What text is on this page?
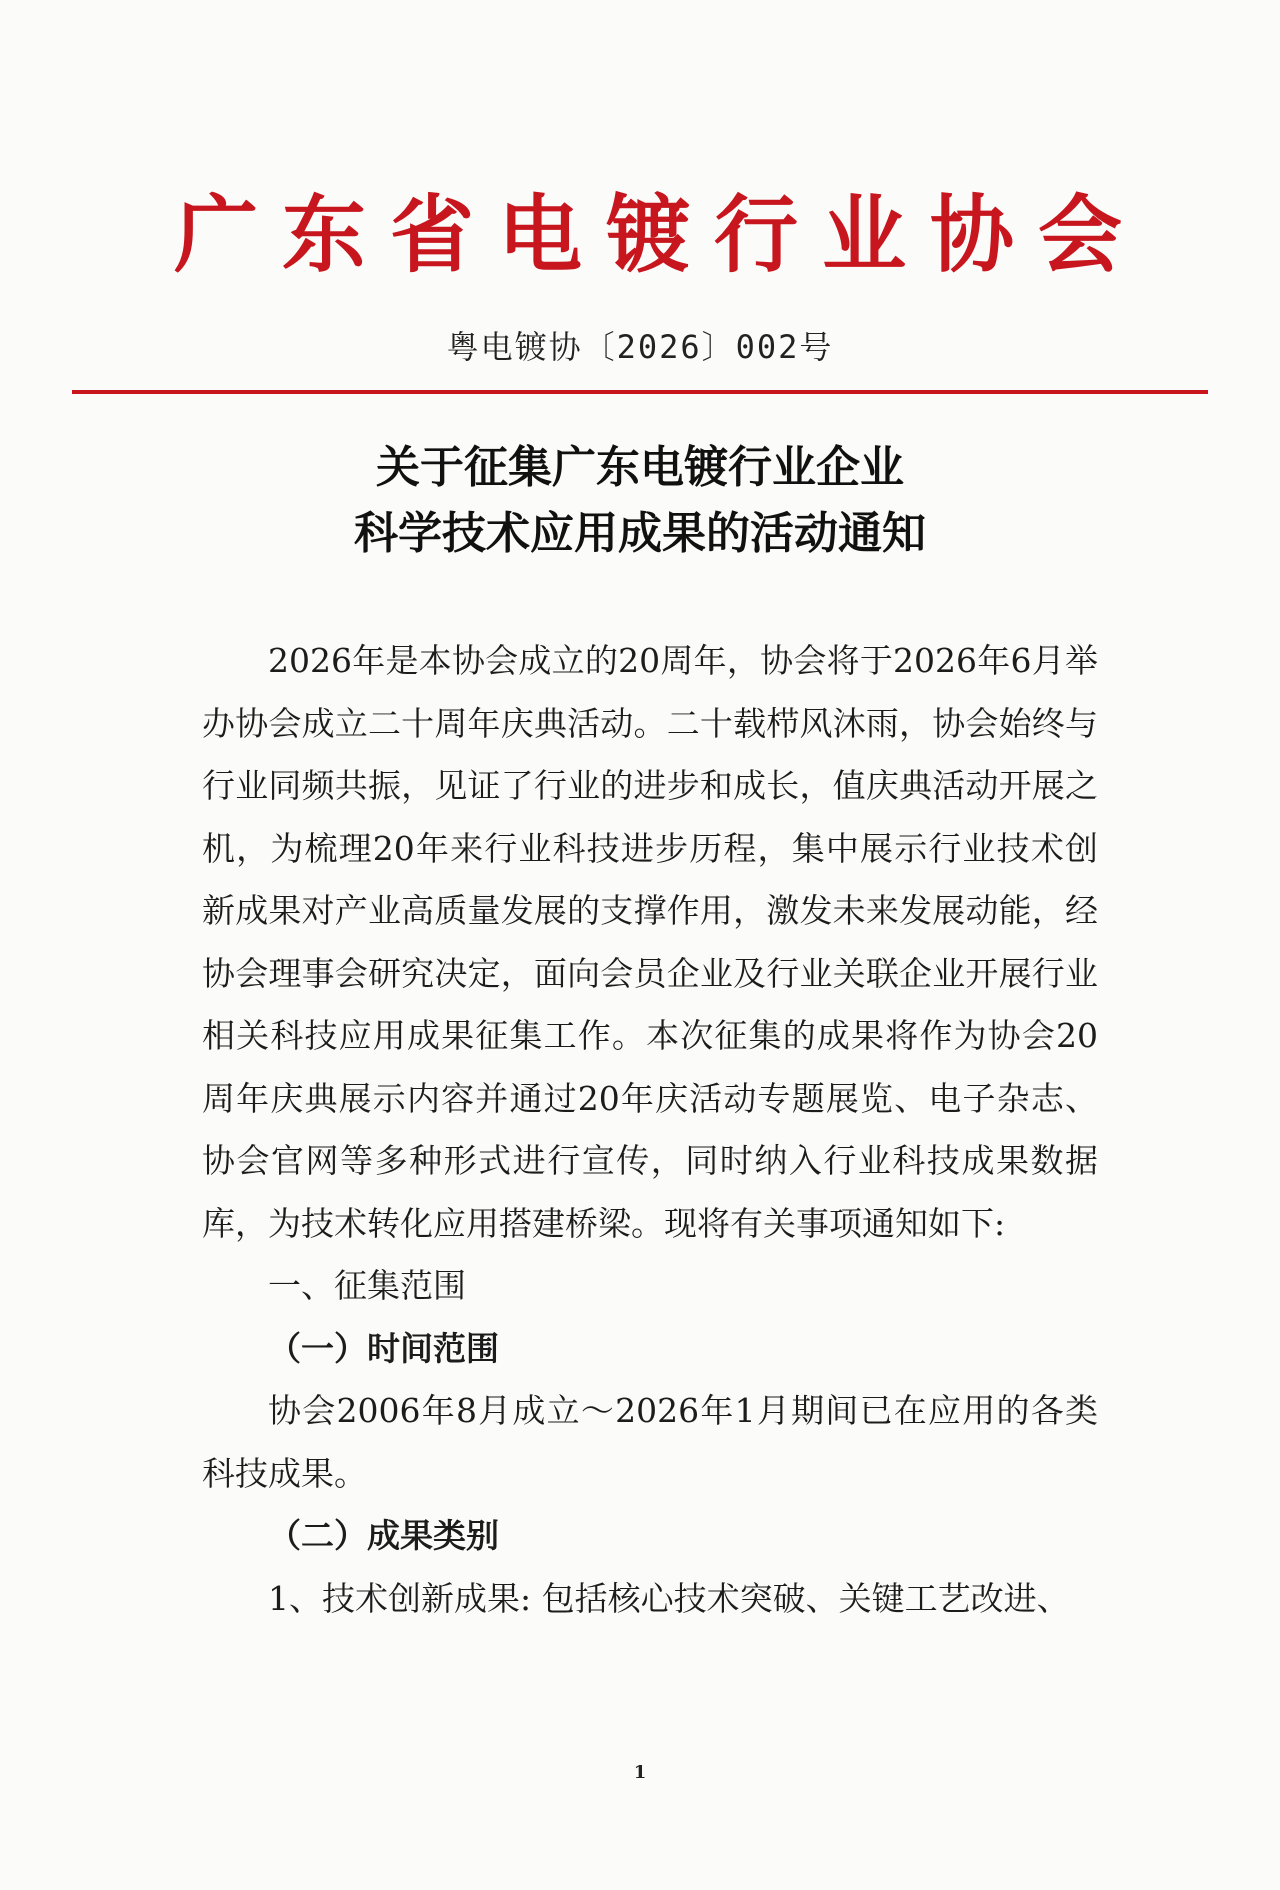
广东省电镀行业协会
粤电镀协〔2026〕002号
关于征集广东电镀行业企业
科学技术应用成果的活动通知

2026年是本协会成立的20周年，协会将于2026年6月举办协会成立二十周年庆典活动。二十载栉风沐雨，协会始终与行业同频共振，见证了行业的进步和成长，值庆典活动开展之机，为梳理20年来行业科技进步历程，集中展示行业技术创新成果对产业高质量发展的支撑作用，激发未来发展动能，经协会理事会研究决定，面向会员企业及行业关联企业开展行业相关科技应用成果征集工作。本次征集的成果将作为协会20周年庆典展示内容并通过20年庆活动专题展览、电子杂志、协会官网等多种形式进行宣传，同时纳入行业科技成果数据库，为技术转化应用搭建桥梁。现将有关事项通知如下:

一、征集范围

（一）时间范围

协会2006年8月成立～2026年1月期间已在应用的各类科技成果。

（二）成果类别

1、技术创新成果: 包括核心技术突破、关键工艺改进、

1
